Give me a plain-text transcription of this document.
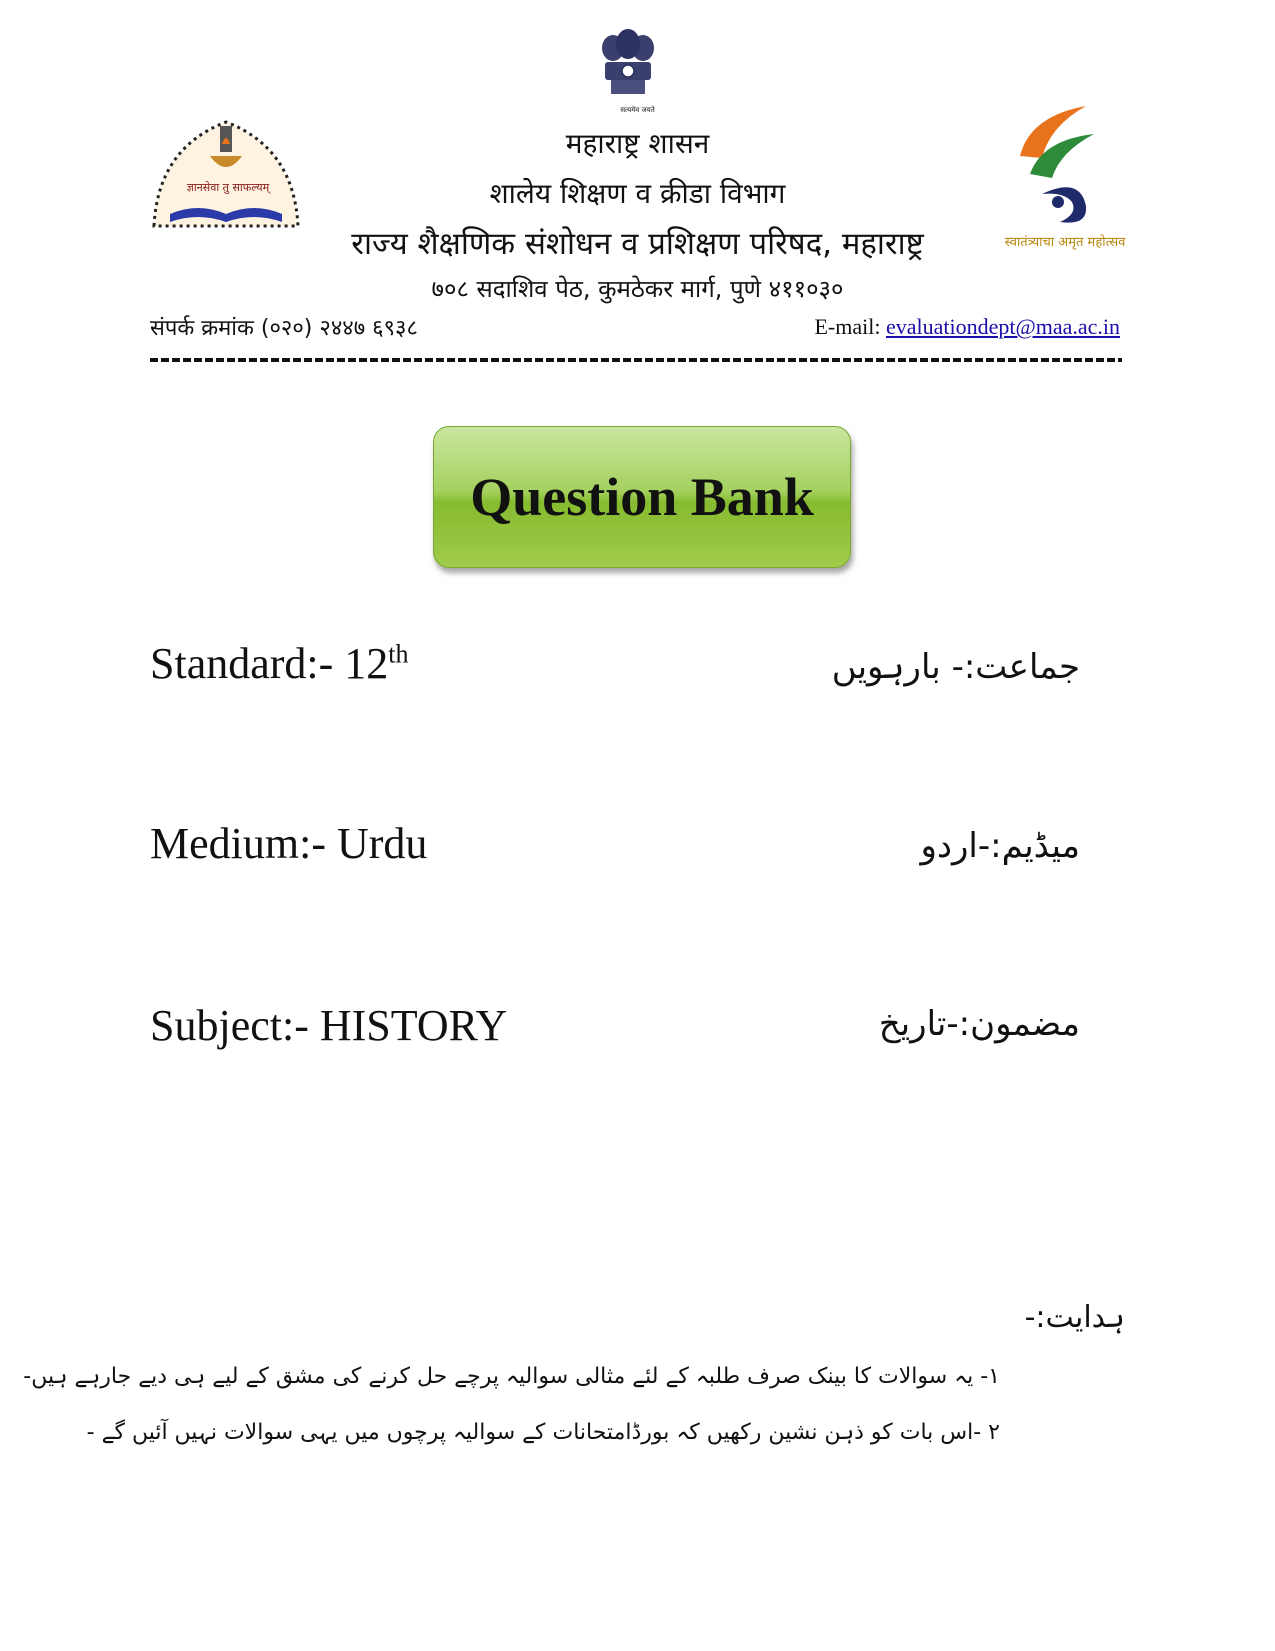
सत्यमेव जयते
ज्ञानसेवा तु साफल्यम्
स्वातंत्र्याचा अमृत महोत्सव
महाराष्ट्र शासन
शालेय शिक्षण व क्रीडा विभाग
राज्य शैक्षणिक संशोधन व प्रशिक्षण परिषद, महाराष्ट्र
७०८ सदाशिव पेठ, कुमठेकर मार्ग, पुणे ४११०३०
संपर्क क्रमांक (०२०) २४४७ ६९३८	E-mail: evaluationdept@maa.ac.in
Question Bank
Standard:- 12th	جماعت:- بارہویں
Medium:- Urdu	میڈیم:-اردو
Subject:- HISTORY	مضمون:-تاریخ
ہدایت:-
۱- یہ سوالات کا بینک صرف طلبہ کے لئے مثالی سوالیہ پرچے حل کرنے کی مشق کے لیے ہی دیے جارہے ہیں-
۲ -اس بات کو ذہن نشین رکھیں کہ بورڈامتحانات کے سوالیہ پرچوں میں یہی سوالات نہیں آئیں گے -
